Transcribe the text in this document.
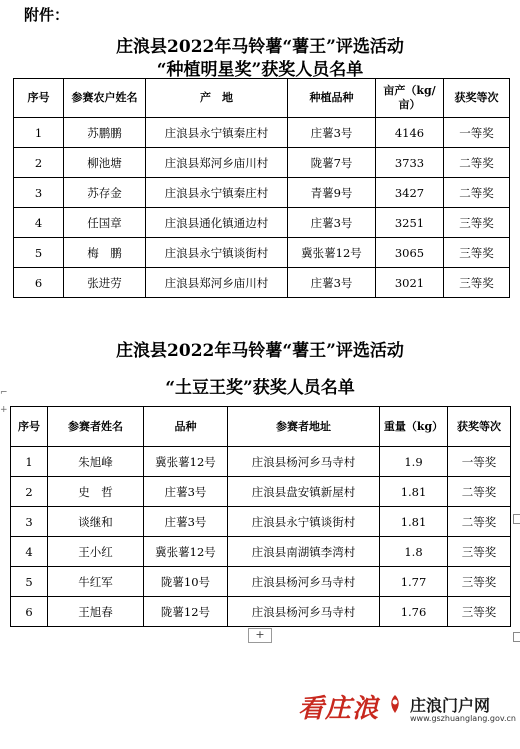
附件：
庄浪县2022年马铃薯“薯王”评选活动
“种植明星奖”获奖人员名单
序号	参赛农户姓名	产　地	种植品种	亩产（kg/亩）	获奖等次
1	苏鹏鹏	庄浪县永宁镇秦庄村	庄薯3号	4146	一等奖
2	柳池塘	庄浪县郑河乡庙川村	陇薯7号	3733	二等奖
3	苏存金	庄浪县永宁镇秦庄村	青薯9号	3427	二等奖
4	任国章	庄浪县通化镇通边村	庄薯3号	3251	三等奖
5	梅　鹏	庄浪县永宁镇谈街村	冀张薯12号	3065	三等奖
6	张进劳	庄浪县郑河乡庙川村	庄薯3号	3021	三等奖
庄浪县2022年马铃薯“薯王”评选活动
“土豆王奖”获奖人员名单
⌐
+
序号	参赛者姓名	品种	参赛者地址	重量（kg）	获奖等次
1	朱旭峰	冀张薯12号	庄浪县杨河乡马寺村	1.9	一等奖
2	史　哲	庄薯3号	庄浪县盘安镇新屋村	1.81	二等奖
3	谈继和	庄薯3号	庄浪县永宁镇谈街村	1.81	二等奖
4	王小红	冀张薯12号	庄浪县南湖镇李湾村	1.8	三等奖
5	牛红军	陇薯10号	庄浪县杨河乡马寺村	1.77	三等奖
6	王旭春	陇薯12号	庄浪县杨河乡马寺村	1.76	三等奖
+
看庄浪 庄浪门户网
www.gszhuanglang.gov.cn
